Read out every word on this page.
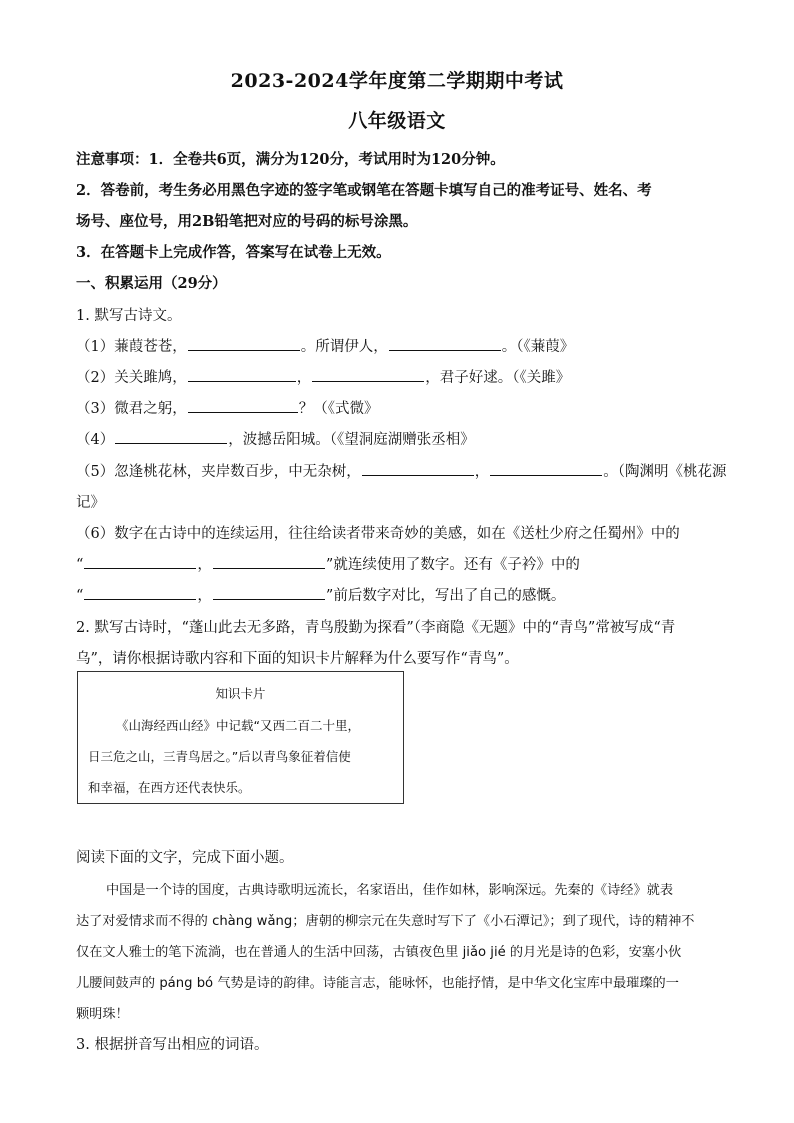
2023-2024学年度第二学期期中考试
八年级语文
注意事项：1．全卷共6页，满分为120分，考试用时为120分钟。
2．答卷前，考生务必用黑色字迹的签字笔或钢笔在答题卡填写自己的准考证号、姓名、考
场号、座位号，用2B铅笔把对应的号码的标号涂黑。
3．在答题卡上完成作答，答案写在试卷上无效。
一、积累运用（29分）
1. 默写古诗文。
（1）蒹葭苍苍，	。所谓伊人，	。（《蒹葭》
（2）关关雎鸠，	，	，君子好逑。（《关雎》
（3）微君之躬，	？（《式微》
（4）	，波撼岳阳城。（《望洞庭湖赠张丞相》
（5）忽逢桃花林，夹岸数百步，中无杂树，	，	。（陶渊明《桃花源
记》
（6）数字在古诗中的连续运用，往往给读者带来奇妙的美感，如在《送杜少府之任蜀州》中的
“	，	”就连续使用了数字。还有《子衿》中的
“	，	”前后数字对比，写出了自己的感慨。
2. 默写古诗时，“蓬山此去无多路，青鸟殷勤为探看”（李商隐《无题》中的“青鸟”常被写成“青
乌”，请你根据诗歌内容和下面的知识卡片解释为什么要写作“青鸟”。
知识卡片
《山海经西山经》中记载“又西二百二十里，
日三危之山，三青鸟居之。”后以青鸟象征着信使
和幸福，在西方还代表快乐。
阅读下面的文字，完成下面小题。
中国是一个诗的国度，古典诗歌明远流长，名家语出，佳作如林，影响深远。先秦的《诗经》就表
达了对爱情求而不得的 chàng wǎng；唐朝的柳宗元在失意时写下了《小石潭记》；到了现代，诗的精神不
仅在文人雅士的笔下流淌，也在普通人的生活中回荡，古镇夜色里 jiǎo jié 的月光是诗的色彩，安塞小伙
儿腰间鼓声的 páng bó 气势是诗的韵律。诗能言志，能咏怀，也能抒情，是中华文化宝库中最璀璨的一
颗明珠！
3. 根据拼音写出相应的词语。
